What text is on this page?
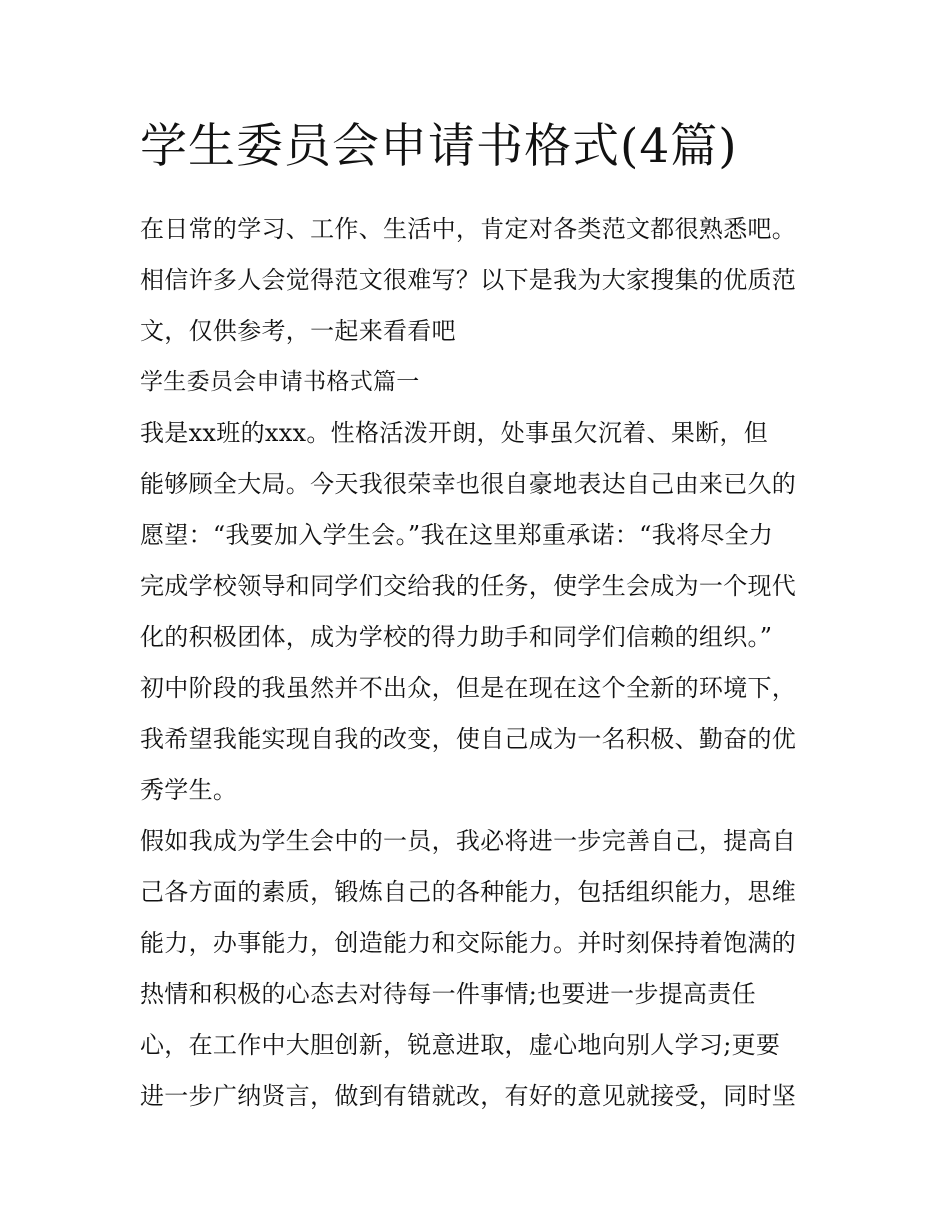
学生委员会申请书格式(4篇)
在日常的学习、工作、生活中，肯定对各类范文都很熟悉吧。
相信许多人会觉得范文很难写？以下是我为大家搜集的优质范
文，仅供参考，一起来看看吧
学生委员会申请书格式篇一
我是xx班的xxx。性格活泼开朗，处事虽欠沉着、果断，但
能够顾全大局。今天我很荣幸也很自豪地表达自己由来已久的
愿望：“我要加入学生会。”我在这里郑重承诺：“我将尽全力
完成学校领导和同学们交给我的任务，使学生会成为一个现代
化的积极团体，成为学校的得力助手和同学们信赖的组织。”
初中阶段的我虽然并不出众，但是在现在这个全新的环境下，
我希望我能实现自我的改变，使自己成为一名积极、勤奋的优
秀学生。
假如我成为学生会中的一员，我必将进一步完善自己，提高自
己各方面的素质，锻炼自己的各种能力，包括组织能力，思维
能力，办事能力，创造能力和交际能力。并时刻保持着饱满的
热情和积极的心态去对待每一件事情;也要进一步提高责任
心，在工作中大胆创新，锐意进取，虚心地向别人学习;更要
进一步广纳贤言，做到有错就改，有好的意见就接受，同时坚
